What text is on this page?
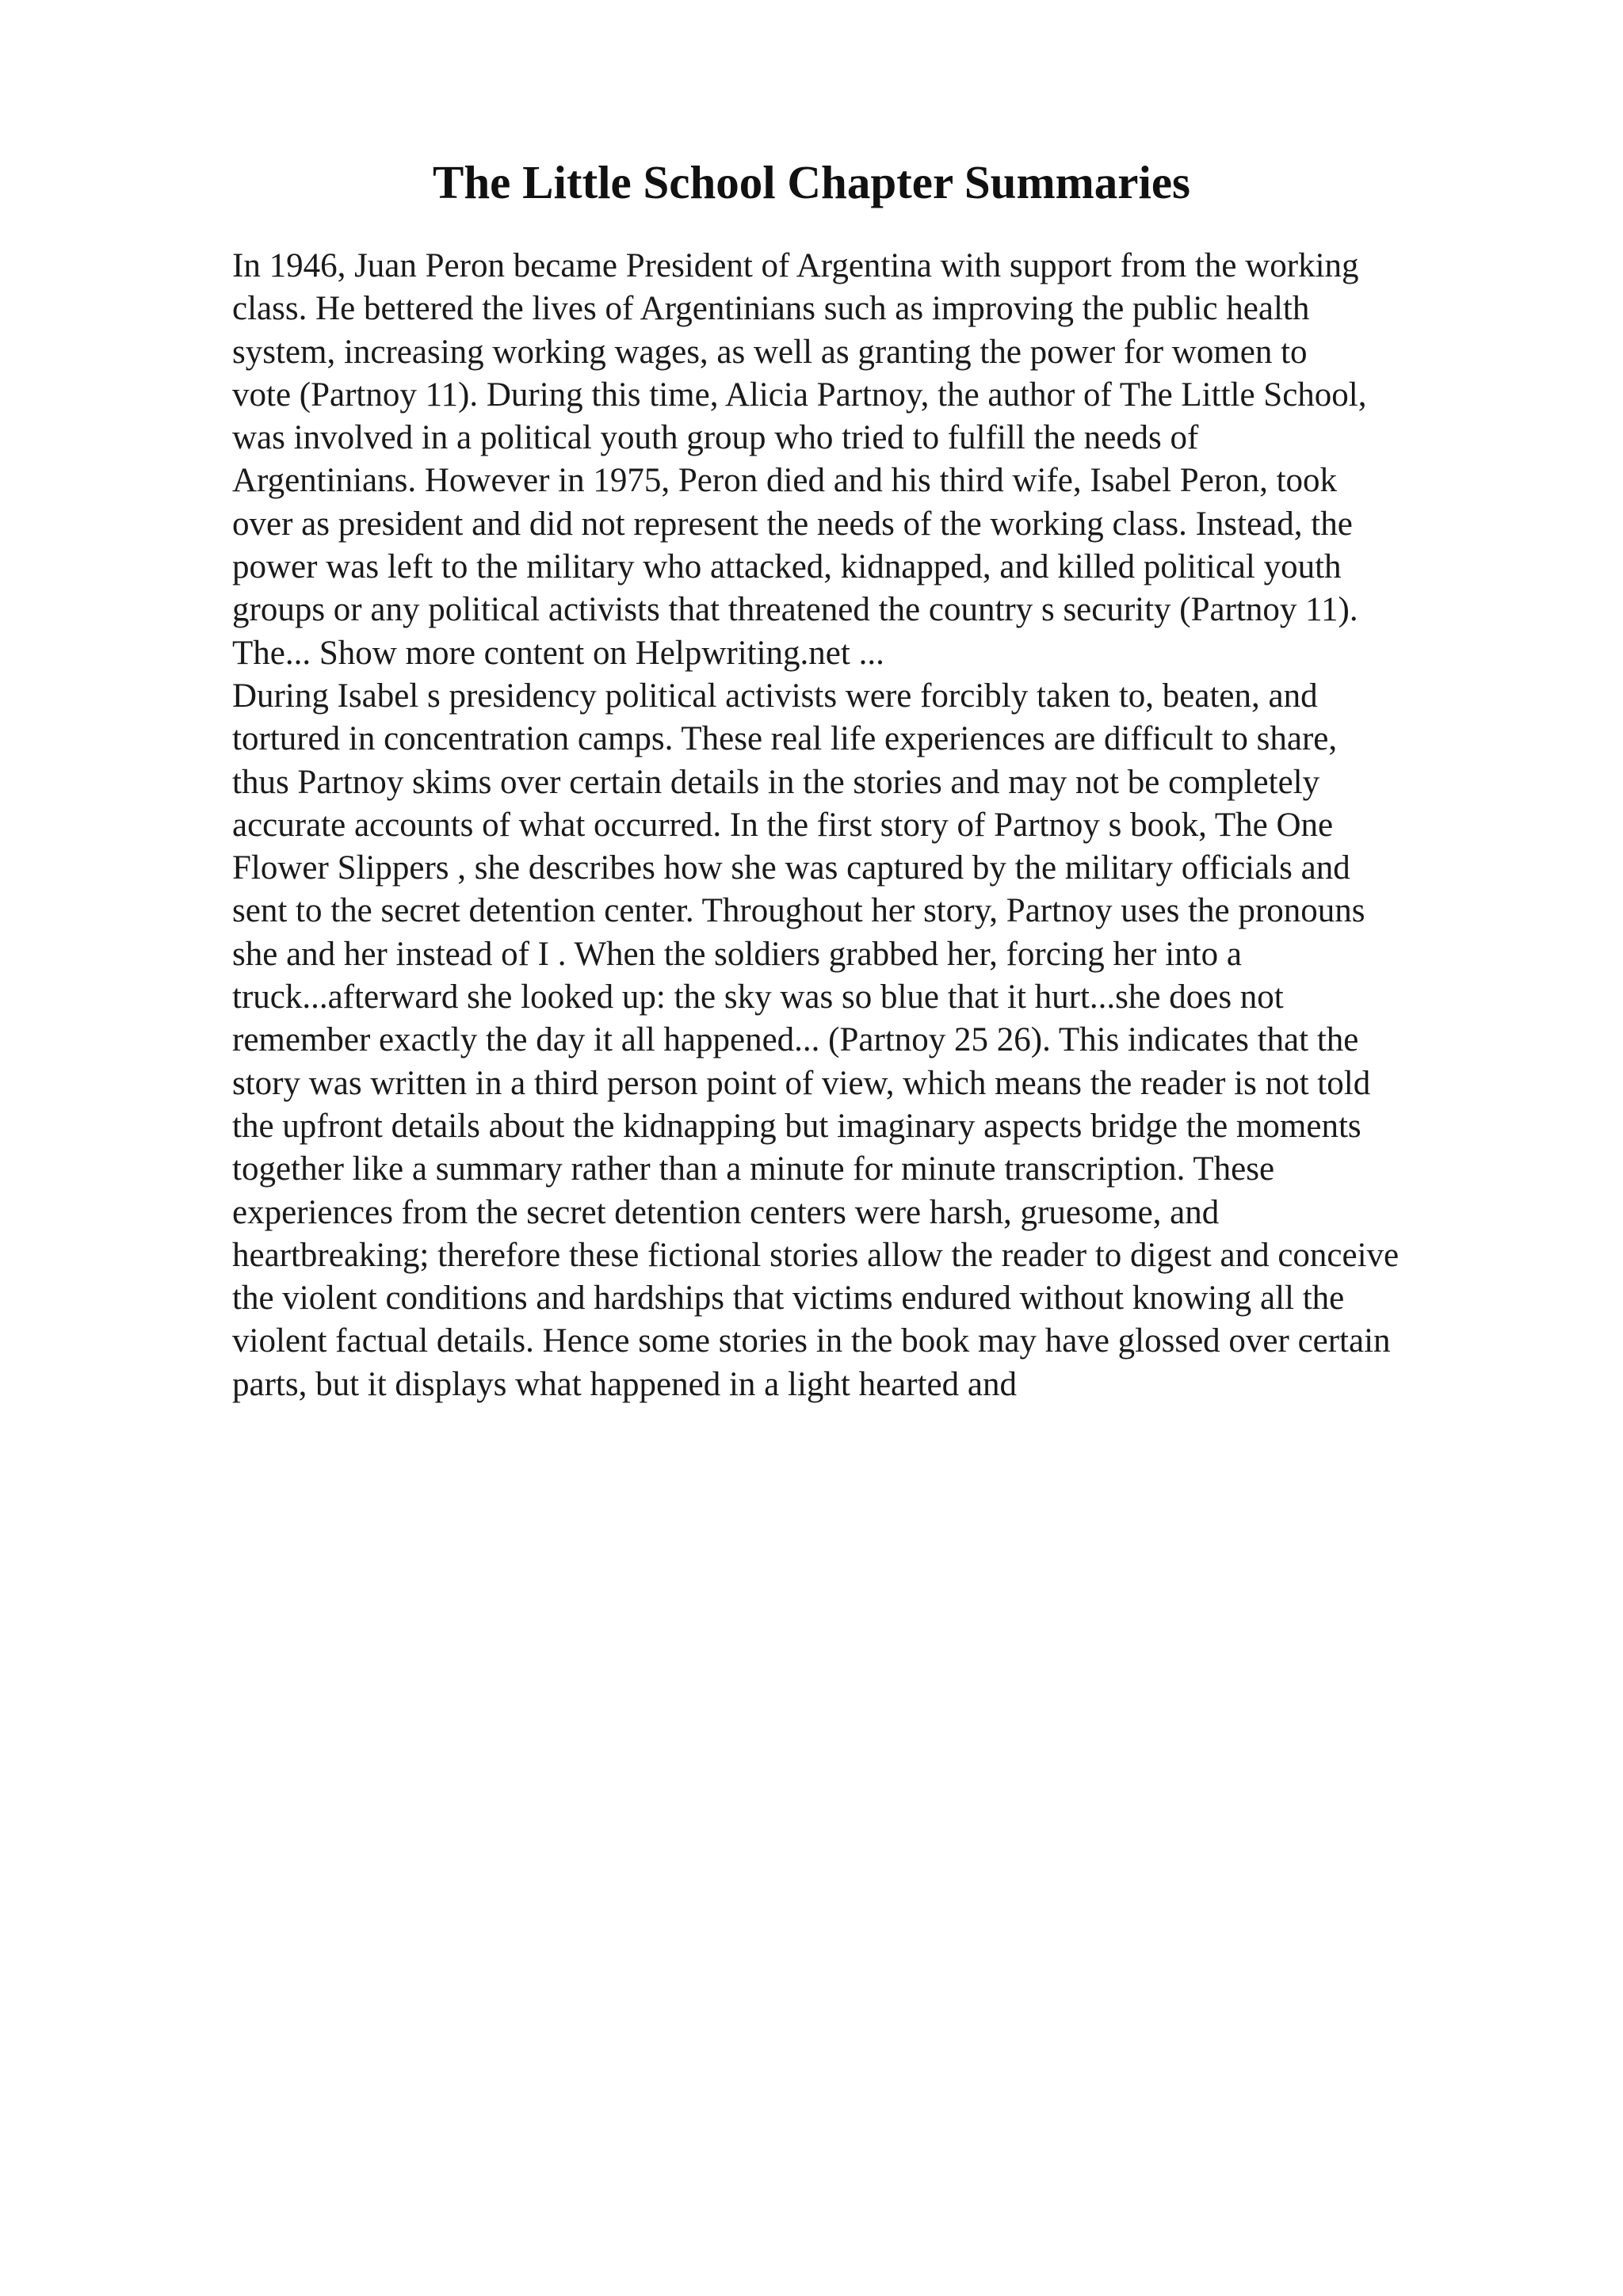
The Little School Chapter Summaries
In 1946, Juan Peron became President of Argentina with support from the working
class. He bettered the lives of Argentinians such as improving the public health
system, increasing working wages, as well as granting the power for women to
vote (Partnoy 11). During this time, Alicia Partnoy, the author of The Little School,
was involved in a political youth group who tried to fulfill the needs of
Argentinians. However in 1975, Peron died and his third wife, Isabel Peron, took
over as president and did not represent the needs of the working class. Instead, the
power was left to the military who attacked, kidnapped, and killed political youth
groups or any political activists that threatened the country s security (Partnoy 11).
The... Show more content on Helpwriting.net ...
During Isabel s presidency political activists were forcibly taken to, beaten, and
tortured in concentration camps. These real life experiences are difficult to share,
thus Partnoy skims over certain details in the stories and may not be completely
accurate accounts of what occurred. In the first story of Partnoy s book, The One
Flower Slippers , she describes how she was captured by the military officials and
sent to the secret detention center. Throughout her story, Partnoy uses the pronouns
she and her instead of I . When the soldiers grabbed her, forcing her into a
truck...afterward she looked up: the sky was so blue that it hurt...she does not
remember exactly the day it all happened... (Partnoy 25 26). This indicates that the
story was written in a third person point of view, which means the reader is not told
the upfront details about the kidnapping but imaginary aspects bridge the moments
together like a summary rather than a minute for minute transcription. These
experiences from the secret detention centers were harsh, gruesome, and
heartbreaking; therefore these fictional stories allow the reader to digest and conceive
the violent conditions and hardships that victims endured without knowing all the
violent factual details. Hence some stories in the book may have glossed over certain
parts, but it displays what happened in a light hearted and
